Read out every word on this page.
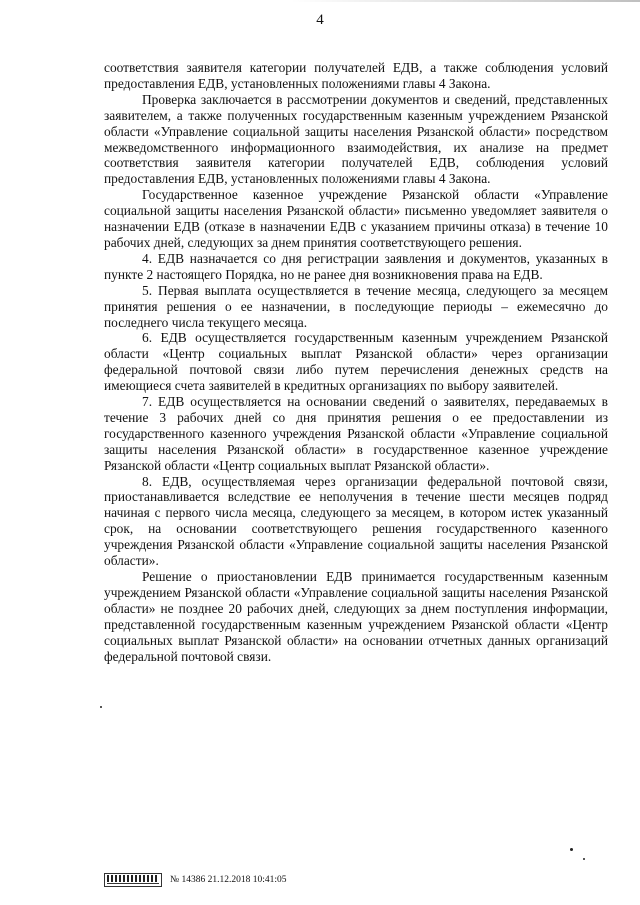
4

соответствия заявителя категории получателей ЕДВ, а также соблюдения условий предоставления ЕДВ, установленных положениями главы 4 Закона.

Проверка заключается в рассмотрении документов и сведений, представленных заявителем, а также полученных государственным казенным учреждением Рязанской области «Управление социальной защиты населения Рязанской области» посредством межведомственного информационного взаимодействия, их анализе на предмет соответствия заявителя категории получателей ЕДВ, соблюдения условий предоставления ЕДВ, установленных положениями главы 4 Закона.

Государственное казенное учреждение Рязанской области «Управление социальной защиты населения Рязанской области» письменно уведомляет заявителя о назначении ЕДВ (отказе в назначении ЕДВ с указанием причины отказа) в течение 10 рабочих дней, следующих за днем принятия соответствующего решения.

4. ЕДВ назначается со дня регистрации заявления и документов, указанных в пункте 2 настоящего Порядка, но не ранее дня возникновения права на ЕДВ.

5. Первая выплата осуществляется в течение месяца, следующего за месяцем принятия решения о ее назначении, в последующие периоды – ежемесячно до последнего числа текущего месяца.

6. ЕДВ осуществляется государственным казенным учреждением Рязанской области «Центр социальных выплат Рязанской области» через организации федеральной почтовой связи либо путем перечисления денежных средств на имеющиеся счета заявителей в кредитных организациях по выбору заявителей.

7. ЕДВ осуществляется на основании сведений о заявителях, передаваемых в течение 3 рабочих дней со дня принятия решения о ее предоставлении из государственного казенного учреждения Рязанской области «Управление социальной защиты населения Рязанской области» в государственное казенное учреждение Рязанской области «Центр социальных выплат Рязанской области».

8. ЕДВ, осуществляемая через организации федеральной почтовой связи, приостанавливается вследствие ее неполучения в течение шести месяцев подряд начиная с первого числа месяца, следующего за месяцем, в котором истек указанный срок, на основании соответствующего решения государственного казенного учреждения Рязанской области «Управление социальной защиты населения Рязанской области».

Решение о приостановлении ЕДВ принимается государственным казенным учреждением Рязанской области «Управление социальной защиты населения Рязанской области» не позднее 20 рабочих дней, следующих за днем поступления информации, представленной государственным казенным учреждением Рязанской области «Центр социальных выплат Рязанской области» на основании отчетных данных организаций федеральной почтовой связи.

№ 14386 21.12.2018 10:41:05
